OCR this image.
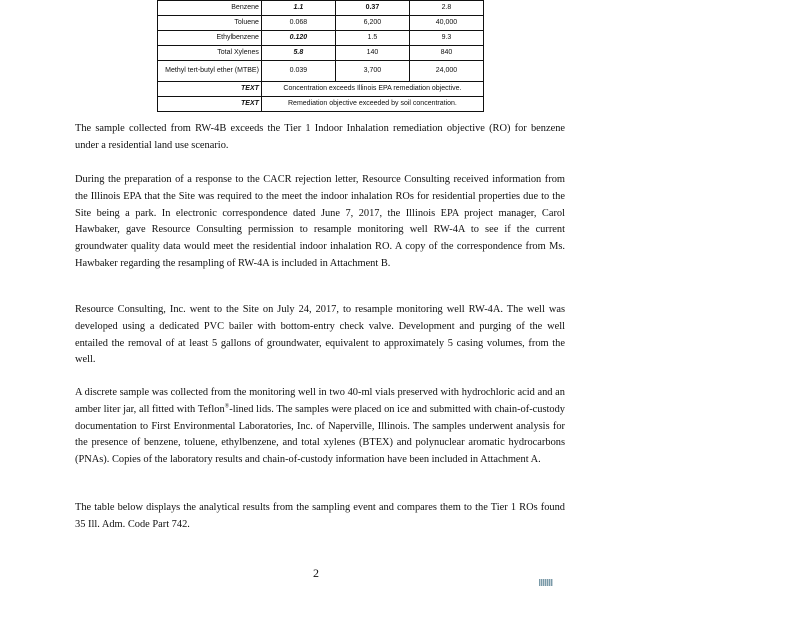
Benzene	1.1	0.37	2.8
Toluene	0.068	6,200	40,000
Ethylbenzene	0.120	1.5	9.3
Total Xylenes	5.8	140	840
Methyl tert-butyl ether (MTBE)	0.039	3,700	24,000
TEXT	Concentration exceeds Illinois EPA remediation objective.		
TEXT	Remediation objective exceeded by soil concentration.		

The sample collected from RW-4B exceeds the Tier 1 Indoor Inhalation remediation objective (RO) for benzene under a residential land use scenario.

During the preparation of a response to the CACR rejection letter, Resource Consulting received information from the Illinois EPA that the Site was required to the meet the indoor inhalation ROs for residential properties due to the Site being a park. In electronic correspondence dated June 7, 2017, the Illinois EPA project manager, Carol Hawbaker, gave Resource Consulting permission to resample monitoring well RW-4A to see if the current groundwater quality data would meet the residential indoor inhalation RO. A copy of the correspondence from Ms. Hawbaker regarding the resampling of RW-4A is included in Attachment B.

Resource Consulting, Inc. went to the Site on July 24, 2017, to resample monitoring well RW-4A. The well was developed using a dedicated PVC bailer with bottom-entry check valve. Development and purging of the well entailed the removal of at least 5 gallons of groundwater, equivalent to approximately 5 casing volumes, from the well.

A discrete sample was collected from the monitoring well in two 40-ml vials preserved with hydrochloric acid and an amber liter jar, all fitted with Teflon®-lined lids. The samples were placed on ice and submitted with chain-of-custody documentation to First Environmental Laboratories, Inc. of Naperville, Illinois. The samples underwent analysis for the presence of benzene, toluene, ethylbenzene, and total xylenes (BTEX) and polynuclear aromatic hydrocarbons (PNAs). Copies of the laboratory results and chain-of-custody information have been included in Attachment A.

The table below displays the analytical results from the sampling event and compares them to the Tier 1 ROs found 35 Ill. Adm. Code Part 742.

2
